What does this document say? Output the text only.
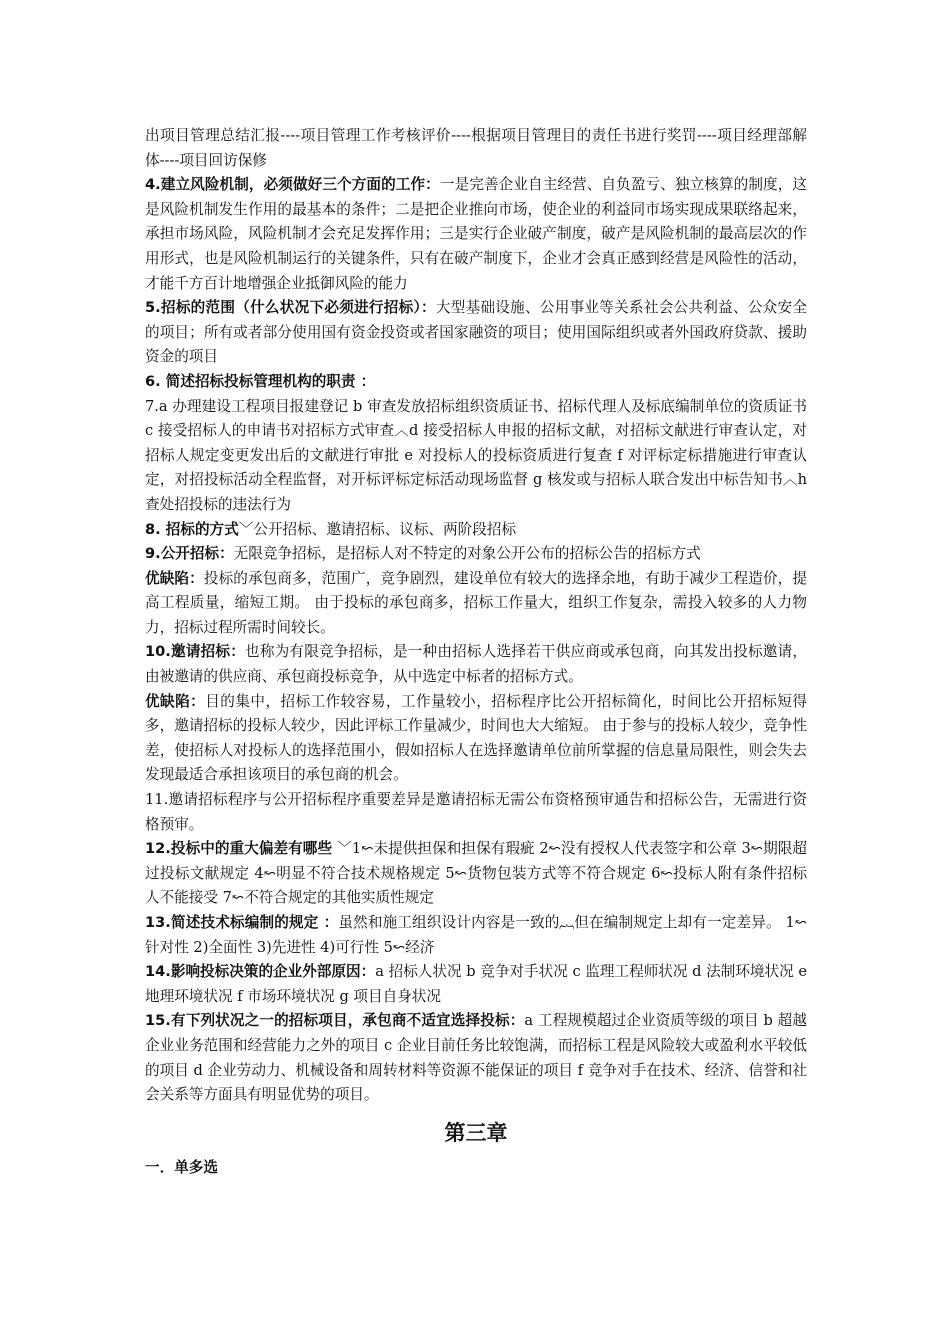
出项目管理总结汇报----项目管理工作考核评价----根据项目管理目的责任书进行奖罚----项目经理部解体----项目回访保修

4.建立风险机制，必须做好三个方面的工作：一是完善企业自主经营、自负盈亏、独立核算的制度，这是风险机制发生作用的最基本的条件；二是把企业推向市场，使企业的利益同市场实现成果联络起来，承担市场风险，风险机制才会充足发挥作用；三是实行企业破产制度，破产是风险机制的最高层次的作用形式，也是风险机制运行的关键条件，只有在破产制度下，企业才会真正感到经营是风险性的活动，才能千方百计地增强企业抵御风险的能力

5.招标的范围（什么状况下必须进行招标）：大型基础设施、公用事业等关系社会公共利益、公众安全的项目；所有或者部分使用国有资金投资或者国家融资的项目；使用国际组织或者外国政府贷款、援助资金的项目

6. 简述招标投标管理机构的职责 ：

7.a 办理建设工程项目报建登记 b 审查发放招标组织资质证书、招标代理人及标底编制单位的资质证书 c 接受招标人的申请书对招标方式审查︿d 接受招标人申报的招标文献，对招标文献进行审查认定，对招标人规定变更发出后的文献进行审批 e 对投标人的投标资质进行复查 f 对评标定标措施进行审查认定，对招投标活动全程监督，对开标评标定标活动现场监督 g 核发或与招标人联合发出中标告知书︿h 查处招投标的违法行为

8. 招标的方式﹀公开招标、邀请招标、议标、两阶段招标

9.公开招标：无限竞争招标，是招标人对不特定的对象公开公布的招标公告的招标方式

优缺陷：投标的承包商多，范围广，竞争剧烈，建设单位有较大的选择余地，有助于减少工程造价，提高工程质量，缩短工期。 由于投标的承包商多，招标工作量大，组织工作复杂，需投入较多的人力物力，招标过程所需时间较长。

10.邀请招标：也称为有限竞争招标，是一种由招标人选择若干供应商或承包商，向其发出投标邀请，由被邀请的供应商、承包商投标竞争，从中选定中标者的招标方式。

优缺陷：目的集中，招标工作较容易，工作量较小，招标程序比公开招标简化，时间比公开招标短得多，邀请招标的投标人较少，因此评标工作量减少，时间也大大缩短。 由于参与的投标人较少，竞争性差，使招标人对投标人的选择范围小，假如招标人在选择邀请单位前所掌握的信息量局限性，则会失去发现最适合承担该项目的承包商的机会。

11.邀请招标程序与公开招标程序重要差异是邀请招标无需公布资格预审通告和招标公告，无需进行资格预审。

12.投标中的重大偏差有哪些 ﹀1↜未提供担保和担保有瑕疵 2↜没有授权人代表签字和公章 3↜期限超过投标文献规定 4↜明显不符合技术规格规定 5↜货物包装方式等不符合规定 6↜投标人附有条件招标人不能接受 7↜不符合规定的其他实质性规定

13.简述技术标编制的规定 ：虽然和施工组织设计内容是一致的︷但在编制规定上却有一定差异。 1↜ 针对性 2)全面性 3)先进性 4)可行性 5↜经济

14.影响投标决策的企业外部原因：a 招标人状况 b 竞争对手状况 c 监理工程师状况 d 法制环境状况 e 地理环境状况 f 市场环境状况 g 项目自身状况

15.有下列状况之一的招标项目，承包商不适宜选择投标：a 工程规模超过企业资质等级的项目 b 超越企业业务范围和经营能力之外的项目 c 企业目前任务比较饱满，而招标工程是风险较大或盈利水平较低的项目 d 企业劳动力、机械设备和周转材料等资源不能保证的项目 f 竞争对手在技术、经济、信誉和社会关系等方面具有明显优势的项目。

第三章
一．单多选
